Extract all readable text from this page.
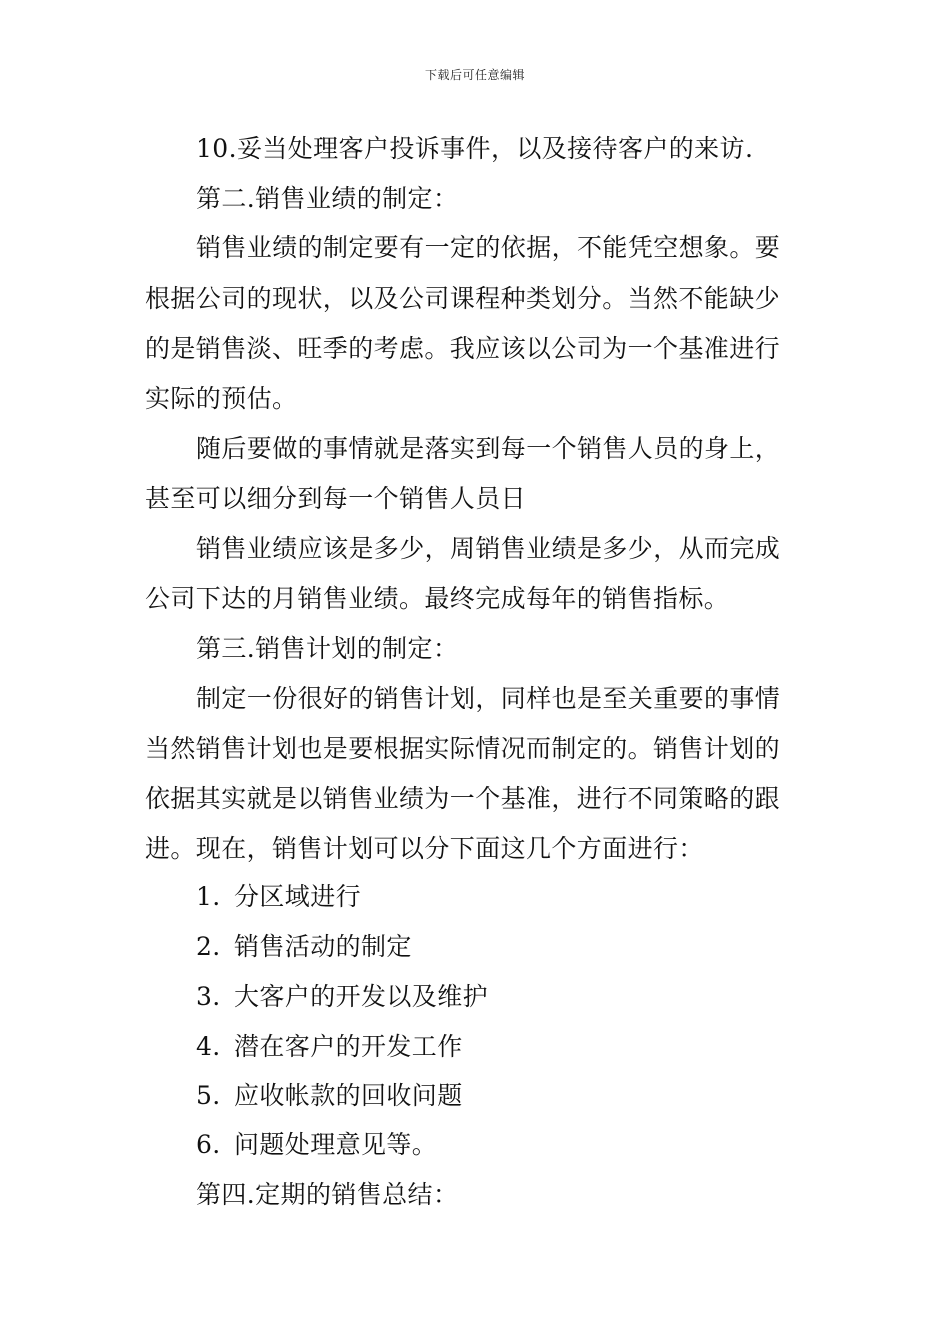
下载后可任意编辑
10.妥当处理客户投诉事件，以及接待客户的来访.
第二.销售业绩的制定：
销售业绩的制定要有一定的依据，不能凭空想象。要
根据公司的现状，以及公司课程种类划分。当然不能缺少
的是销售淡、旺季的考虑。我应该以公司为一个基准进行
实际的预估。
随后要做的事情就是落实到每一个销售人员的身上，
甚至可以细分到每一个销售人员日
销售业绩应该是多少，周销售业绩是多少，从而完成
公司下达的月销售业绩。最终完成每年的销售指标。
第三.销售计划的制定：
制定一份很好的销售计划，同样也是至关重要的事情
当然销售计划也是要根据实际情况而制定的。销售计划的
依据其实就是以销售业绩为一个基准，进行不同策略的跟
进。现在，销售计划可以分下面这几个方面进行：
1. 分区域进行
2. 销售活动的制定
3. 大客户的开发以及维护
4. 潜在客户的开发工作
5. 应收帐款的回收问题
6. 问题处理意见等。
第四.定期的销售总结：
